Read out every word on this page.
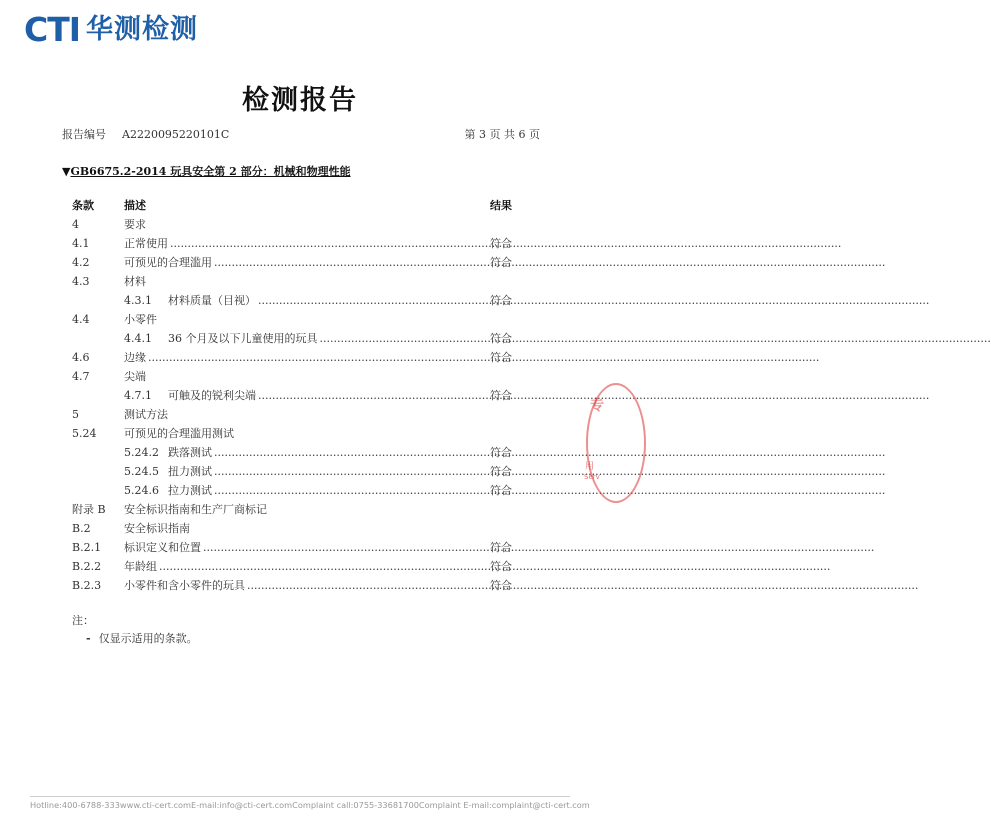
CTI 华测检测
检测报告
报告编号 A2220095220101C	第 3 页 共 6 页
▼GB6675.2-2014 玩具安全第 2 部分：机械和物理性能
条款	描述	结果
4	要求
4.1	正常使用 .....	符合
4.2	可预见的合理滥用 .....	符合
4.3	材料
4.3.1	材料质量（目视） .....	符合
4.4	小零件
4.4.1	36 个月及以下儿童使用的玩具 .....	符合
4.6	边缘 .....	符合
4.7	尖端
4.7.1	可触及的锐利尖端 .....	符合
5	测试方法
5.24	可预见的合理滥用测试
5.24.2 跌落测试 .....	符合
5.24.5 扭力测试 .....	符合
5.24.6 拉力测试 .....	符合
附录 B 安全标识指南和生产厂商标记
B.2	安全标识指南
B.2.1 标识定义和位置 .....	符合
B.2.2 年龄组 .....	符合
B.2.3 小零件和含小零件的玩具 .....	符合
注：
- 仅显示适用的条款。
专
用
Serv
Hotline:400-6788-333 www.cti-cert.com E-mail:info@cti-cert.com Complaint call:0755-33681700 Complaint E-mail:complaint@cti-cert.com
